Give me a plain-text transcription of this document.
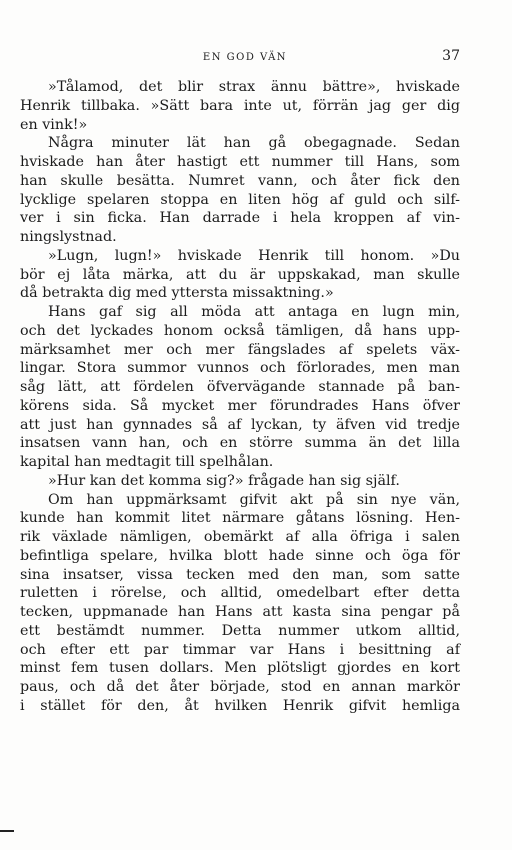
EN GOD VÄN	37
»Tålamod, det blir strax ännu bättre», hviskade
Henrik tillbaka. »Sätt bara inte ut, förrän jag ger dig
en vink!»
Några minuter lät han gå obegagnade. Sedan
hviskade han åter hastigt ett nummer till Hans, som
han skulle besätta. Numret vann, och åter fick den
lycklige spelaren stoppa en liten hög af guld och silf-
ver i sin ficka. Han darrade i hela kroppen af vin-
ningslystnad.
»Lugn, lugn!» hviskade Henrik till honom. »Du
bör ej låta märka, att du är uppskakad, man skulle
då betrakta dig med yttersta missaktning.»
Hans gaf sig all möda att antaga en lugn min,
och det lyckades honom också tämligen, då hans upp-
märksamhet mer och mer fängslades af spelets väx-
lingar. Stora summor vunnos och förlorades, men man
såg lätt, att fördelen öfvervägande stannade på ban-
körens sida. Så mycket mer förundrades Hans öfver
att just han gynnades så af lyckan, ty äfven vid tredje
insatsen vann han, och en större summa än det lilla
kapital han medtagit till spelhålan.
»Hur kan det komma sig?» frågade han sig själf.
Om han uppmärksamt gifvit akt på sin nye vän,
kunde han kommit litet närmare gåtans lösning. Hen-
rik växlade nämligen, obemärkt af alla öfriga i salen
befintliga spelare, hvilka blott hade sinne och öga för
sina insatser, vissa tecken med den man, som satte
ruletten i rörelse, och alltid, omedelbart efter detta
tecken, uppmanade han Hans att kasta sina pengar på
ett bestämdt nummer. Detta nummer utkom alltid,
och efter ett par timmar var Hans i besittning af
minst fem tusen dollars. Men plötsligt gjordes en kort
paus, och då det åter började, stod en annan markör
i stället för den, åt hvilken Henrik gifvit hemliga
